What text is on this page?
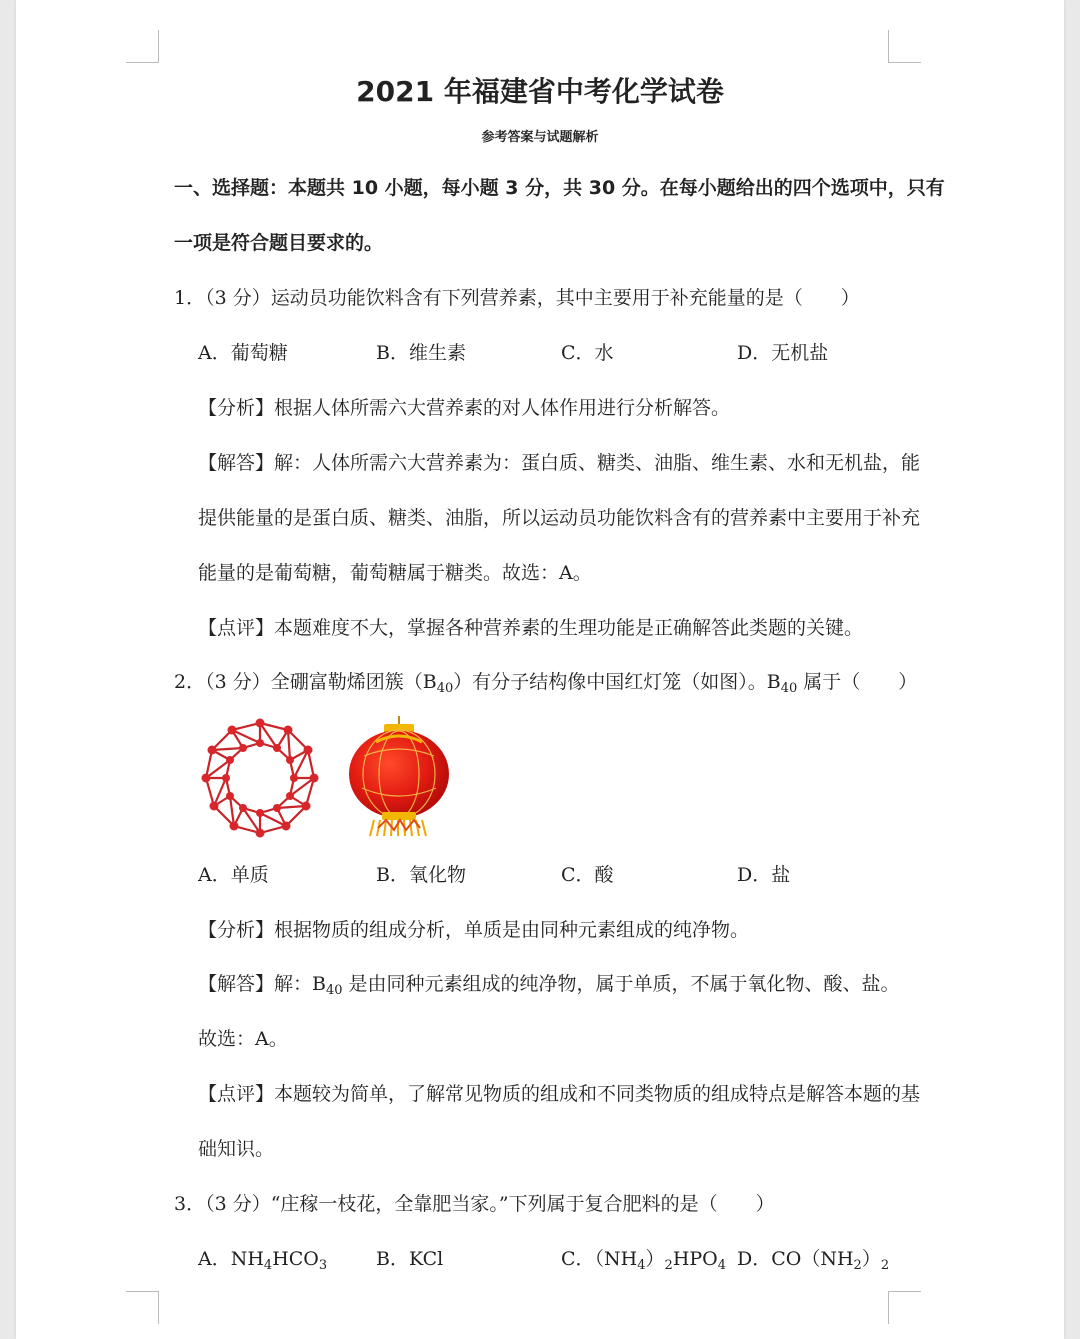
2021 年福建省中考化学试卷
参考答案与试题解析
一、选择题：本题共 10 小题，每小题 3 分，共 30 分。在每小题给出的四个选项中，只有
一项是符合题目要求的。
1．（3 分）运动员功能饮料含有下列营养素，其中主要用于补充能量的是（　　）
A．葡萄糖	B．维生素	C．水	D．无机盐
【分析】根据人体所需六大营养素的对人体作用进行分析解答。
【解答】解：人体所需六大营养素为：蛋白质、糖类、油脂、维生素、水和无机盐，能
提供能量的是蛋白质、糖类、油脂，所以运动员功能饮料含有的营养素中主要用于补充
能量的是葡萄糖，葡萄糖属于糖类。故选：A。
【点评】本题难度不大，掌握各种营养素的生理功能是正确解答此类题的关键。
2．（3 分）全硼富勒烯团簇$(B_{40})$有分子结构像中国红灯笼（如图）。$B_{40}$ 属于（　　）
A．单质	B．氧化物	C．酸	D．盐
【分析】根据物质的组成分析，单质是由同种元素组成的纯净物。
【解答】解：$B_{40}$ 是由同种元素组成的纯净物，属于单质，不属于氧化物、酸、盐。
故选：A。
【点评】本题较为简单，了解常见物质的组成和不同类物质的组成特点是解答本题的基
础知识。
3．（3 分）“庄稼一枝花，全靠肥当家。”下列属于复合肥料的是（　　）
A．$NH_4HCO_3$	B．KCl	C．$(NH_4)_2HPO_4$ D．$CO(NH_2)_2$
